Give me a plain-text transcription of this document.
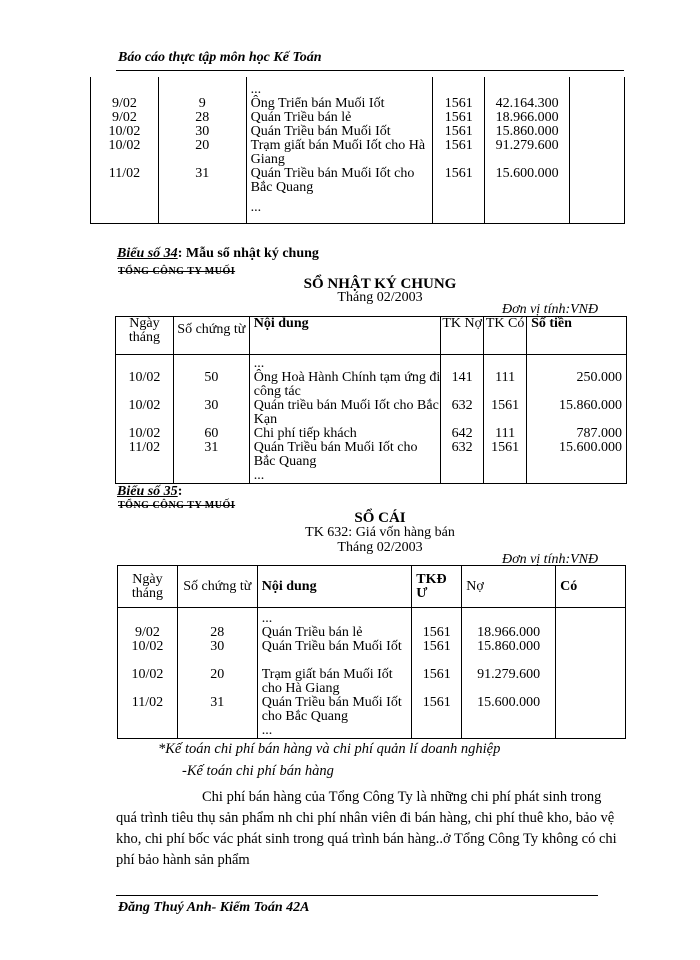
Báo cáo thực tập môn học Kế Toán
		...			
9/02	9	Ông Triển bán Muối Iốt	1561	42.164.300	
9/02	28	Quán Triều bán lẻ	1561	18.966.000	
10/02	30	Quán Triều bán Muối Iốt	1561	15.860.000	
10/02	20	Trạm giất bán Muối Iốt cho Hà Giang	1561	91.279.600	
11/02	31	Quán Triều bán Muối Iốt cho Bắc Quang	1561	15.600.000	
		...			
Biểu số 34: Mẫu sổ nhật ký chung
TỔNG CÔNG TY MUỐI
SỔ NHẬT KÝ CHUNG
Tháng 02/2003
Đơn vị tính:VNĐ
Ngày tháng	Số chứng từ	Nội dung	TK Nợ	TK Có	Số tiền
		...			
10/02	50	Ông Hoà Hành Chính tạm ứng đi công tác	141	111	250.000
10/02	30	Quán triều bán Muối Iốt cho Bắc Kạn	632	1561	15.860.000
10/02	60	Chi phí tiếp khách	642	111	787.000
11/02	31	Quán Triều bán Muối Iốt cho Bắc Quang	632	1561	15.600.000
		...			
Biểu số 35:
TỔNG CÔNG TY MUỐI
SỔ CÁI
TK 632: Giá vốn hàng bán
Tháng 02/2003
Đơn vị tính:VNĐ
Ngày tháng	Số chứng từ	Nội dung	TKĐ Ư	Nợ	Có
		...			
9/02	28	Quán Triều bán lẻ	1561	18.966.000	
10/02	30	Quán Triều bán Muối Iốt	1561	15.860.000	
10/02	20	Trạm giất bán Muối Iốt cho Hà Giang	1561	91.279.600	
11/02	31	Quán Triều bán Muối Iốt cho Bắc Quang	1561	15.600.000	
		...			
*Kế toán chi phí bán hàng và chi phí quản lí doanh nghiệp
-Kế toán chi phí bán hàng
Chi phí bán hàng của Tổng Công Ty là những chi phí phát sinh trong quá trình tiêu thụ sản phẩm nh chi phí nhân viên đi bán hàng, chi phí thuê kho, bảo vệ kho, chi phí bốc vác phát sinh trong quá trình bán hàng..ở Tổng Công Ty không có chi phí bảo hành sản phẩm
Đăng Thuý Anh- Kiểm Toán 42A
